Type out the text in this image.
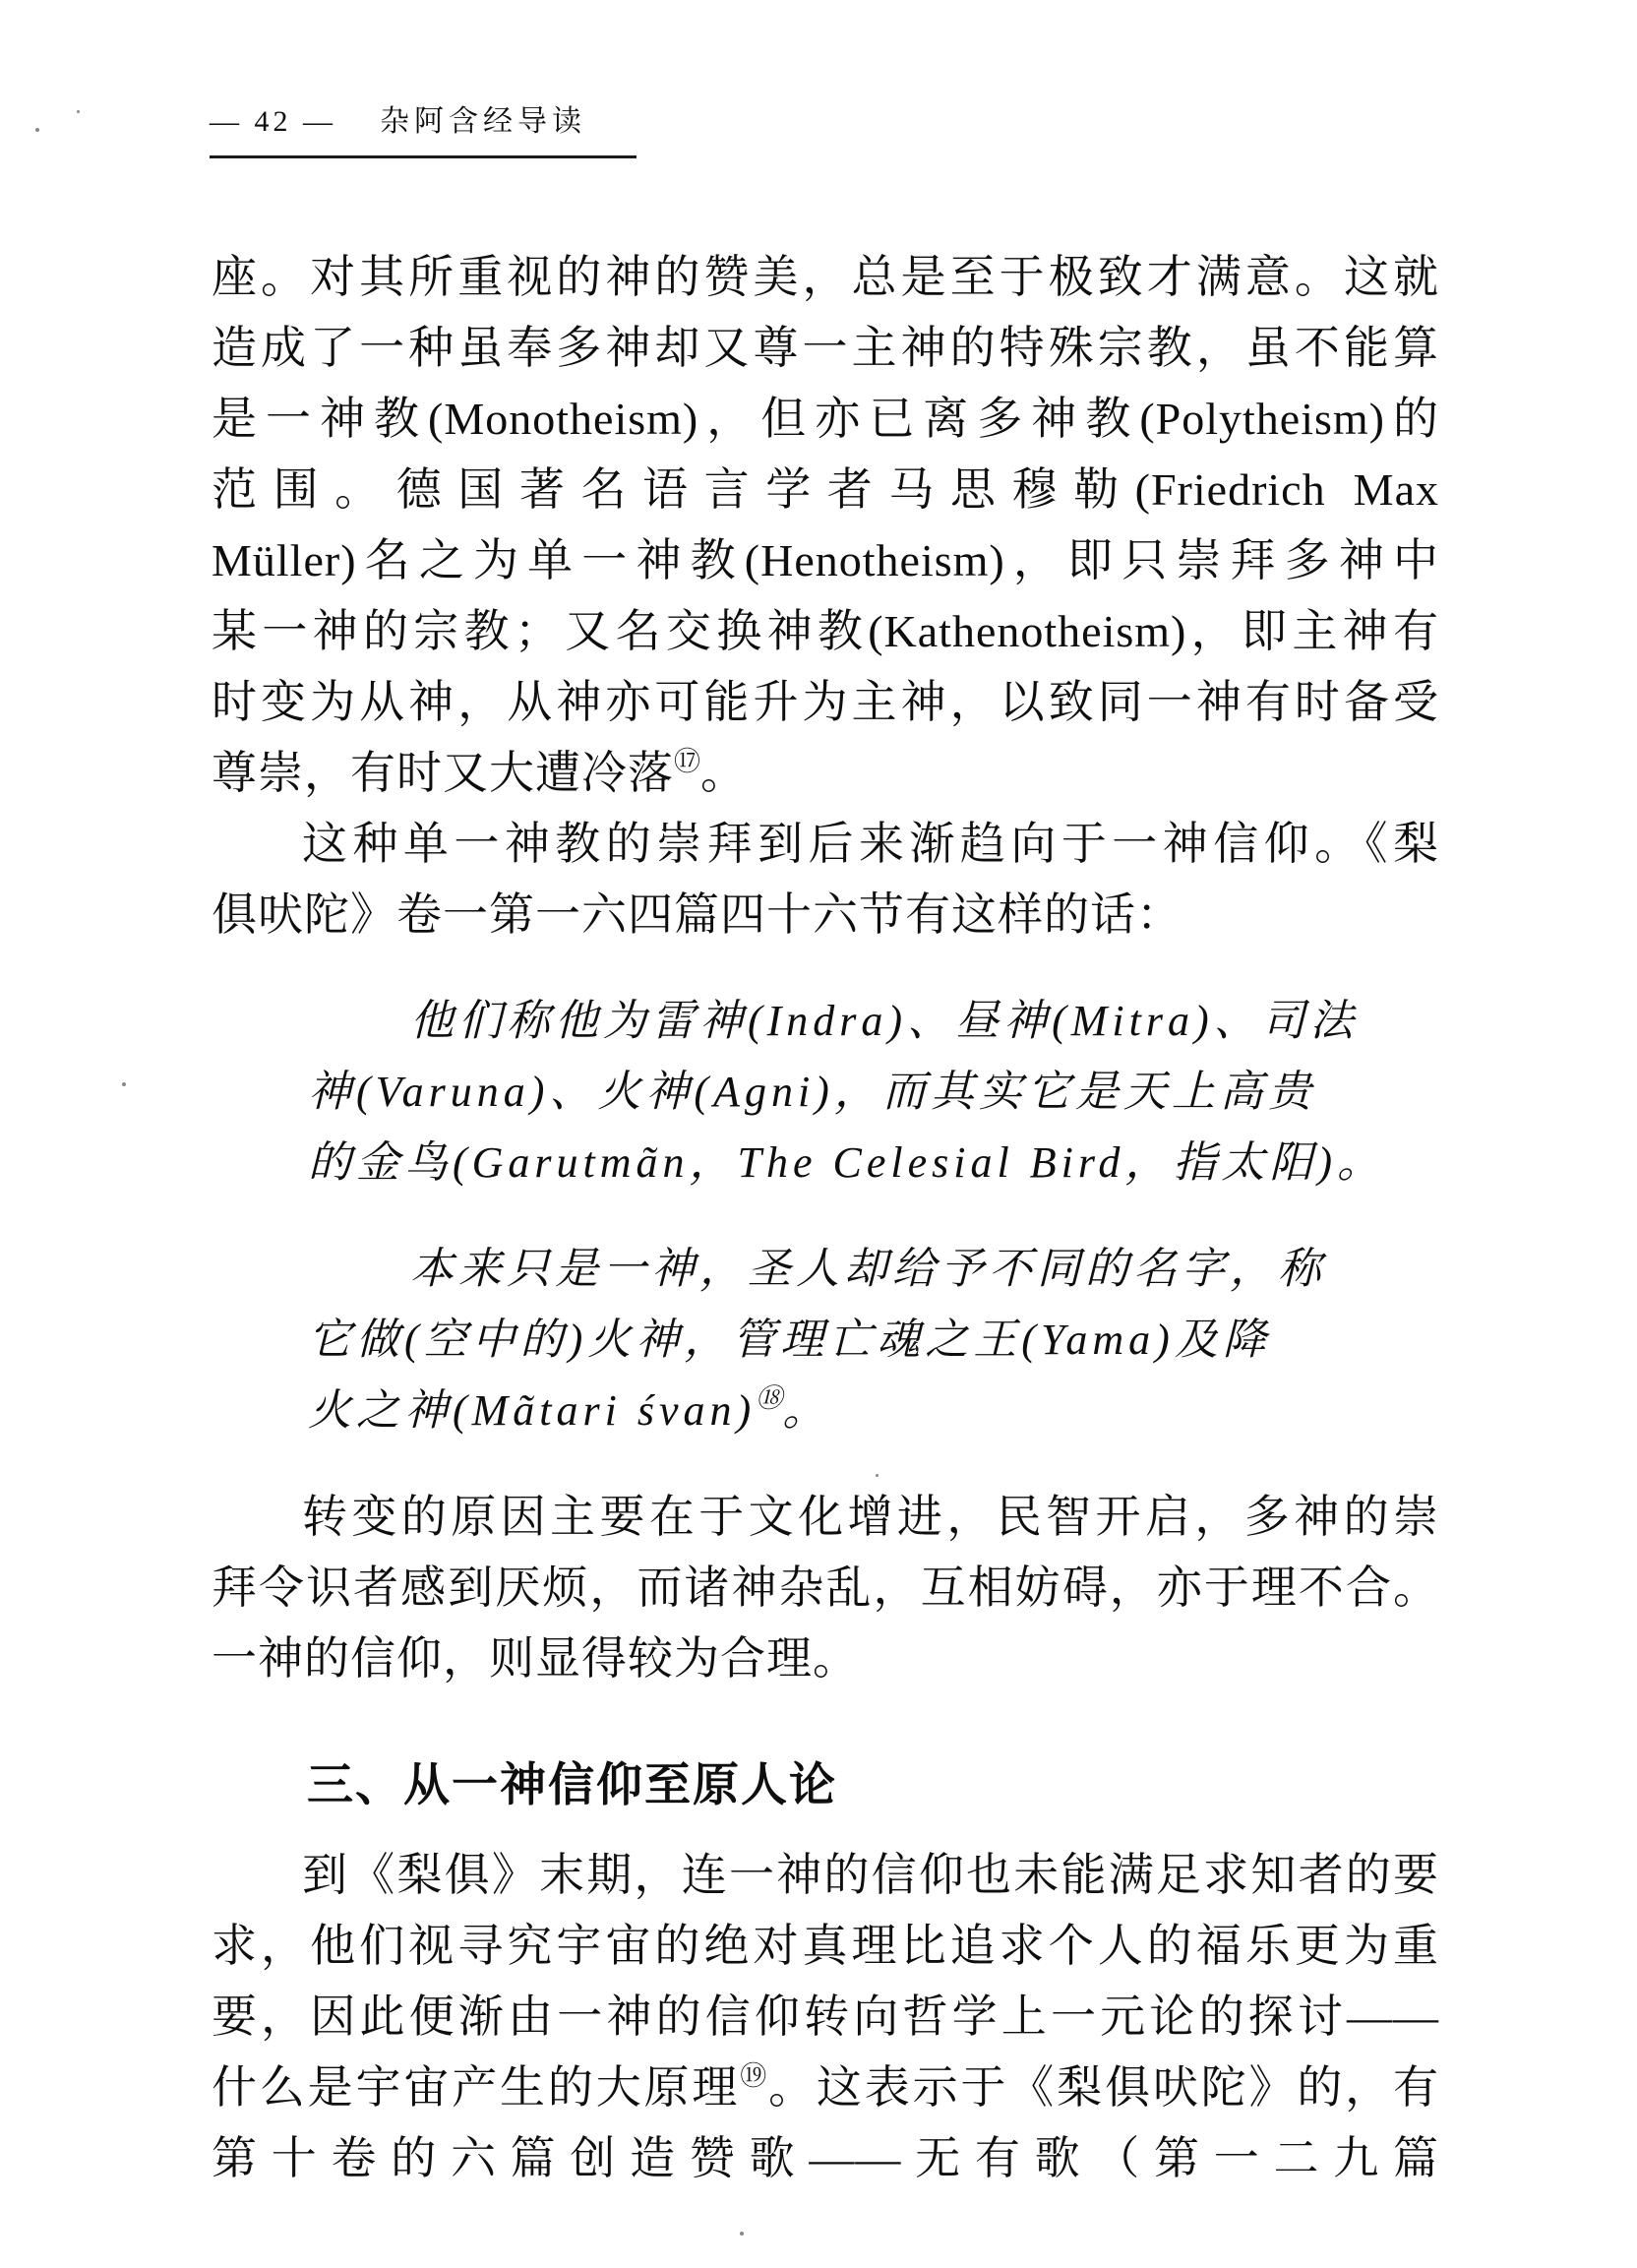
— 42 — 杂阿含经导读
座。对其所重视的神的赞美，总是至于极致才满意。这就
造成了一种虽奉多神却又尊一主神的特殊宗教，虽不能算
是一神教(Monotheism)，但亦已离多神教(Polytheism)的
范围。德国著名语言学者马思穆勒(Friedrich Max
Müller)名之为单一神教(Henotheism)，即只崇拜多神中
某一神的宗教；又名交换神教(Kathenotheism)，即主神有
时变为从神，从神亦可能升为主神，以致同一神有时备受
尊崇，有时又大遭冷落⑰。
这种单一神教的崇拜到后来渐趋向于一神信仰。《梨
俱吠陀》卷一第一六四篇四十六节有这样的话：
他们称他为雷神(Indra)、昼神(Mitra)、司法
神(Varuna)、火神(Agni)，而其实它是天上高贵
的金鸟(Garutmãn，The Celesial Bird，指太阳)。
本来只是一神，圣人却给予不同的名字，称
它做(空中的)火神，管理亡魂之王(Yama)及降
火之神(Mãtari śvan)⑱。
转变的原因主要在于文化增进，民智开启，多神的崇
拜令识者感到厌烦，而诸神杂乱，互相妨碍，亦于理不合。
一神的信仰，则显得较为合理。
三、从一神信仰至原人论
到《梨俱》末期，连一神的信仰也未能满足求知者的要
求，他们视寻究宇宙的绝对真理比追求个人的福乐更为重
要，因此便渐由一神的信仰转向哲学上一元论的探讨——
什么是宇宙产生的大原理⑲。这表示于《梨俱吠陀》的，有
第十卷的六篇创造赞歌——无有歌（第一二九篇
